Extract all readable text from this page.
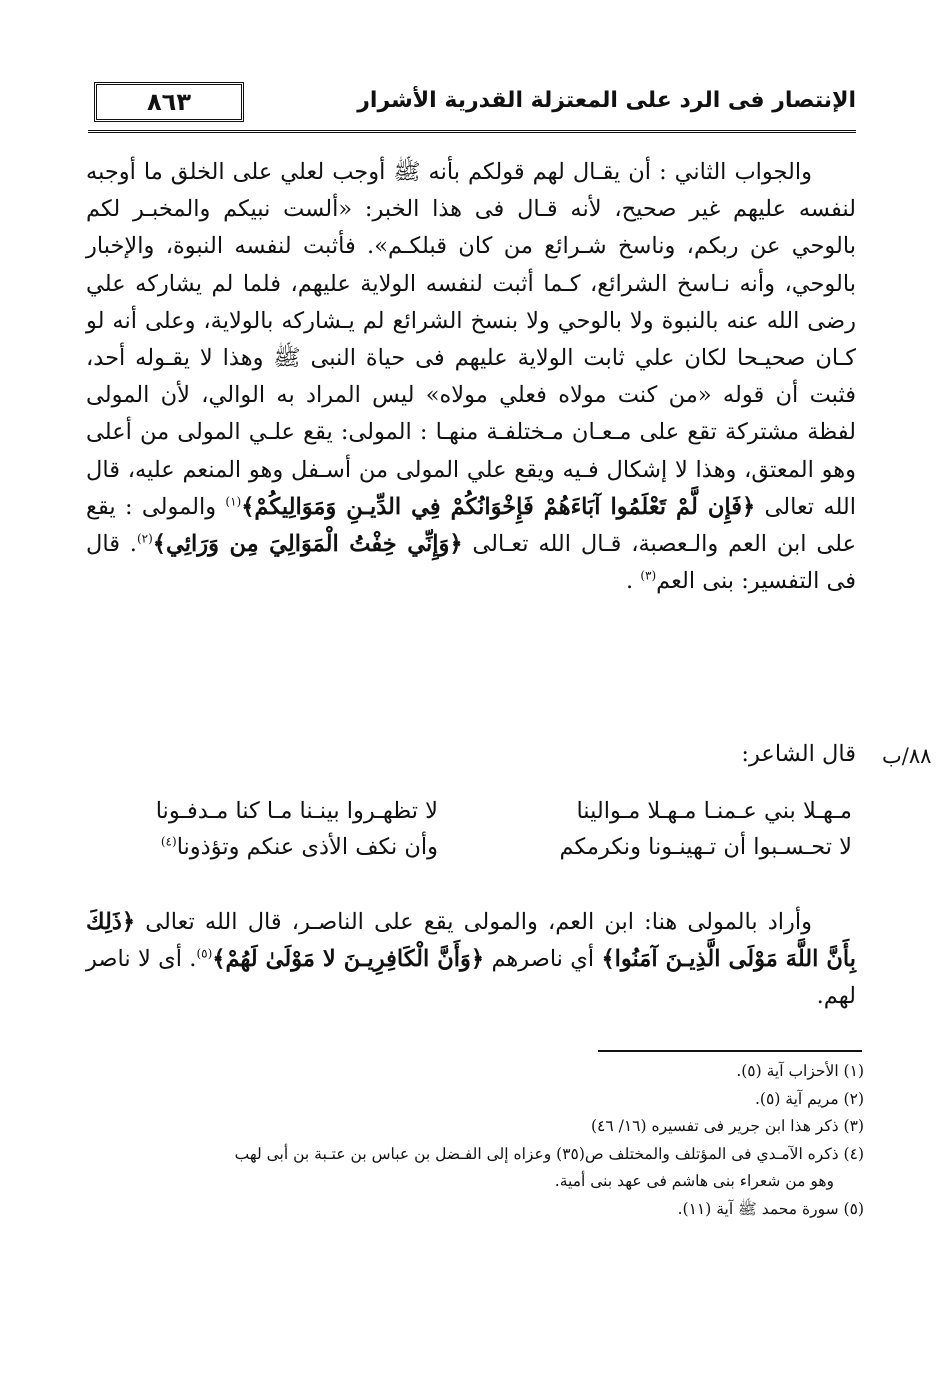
٨٦٣	الإنتصار فى الرد على المعتزلة القدرية الأشرار

والجواب الثاني : أن يقـال لهم قولكم بأنه ﷺ أوجب لعلي على الخلق ما أوجبه لنفسه عليهم غير صحيح، لأنه قـال فى هذا الخبر: «ألست نبيكم والمخبـر لكم بالوحي عن ربكم، وناسخ شـرائع من كان قبلكـم». فأثبت لنفسه النبوة، والإخبار بالوحي، وأنه نـاسخ الشرائع، كـما أثبت لنفسه الولاية عليهم، فلما لم يشاركه علي رضى الله عنه بالنبوة ولا بالوحي ولا بنسخ الشرائع لم يـشاركه بالولاية، وعلى أنه لو كـان صحيـحا لكان علي ثابت الولاية عليهم فى حياة النبى ﷺ وهذا لا يقـوله أحد، فثبت أن قوله «من كنت مولاه فعلي مولاه» ليس المراد به الوالي، لأن المولى لفظة مشتركة تقع على مـعـان مـختلفـة منهـا : المولى: يقع علـي المولى من أعلى وهو المعتق، وهذا لا إشكال فـيه ويقع علي المولى من أسـفل وهو المنعم عليه، قال الله تعالى ﴿فَإِن لَّمْ تَعْلَمُوا آبَاءَهُمْ فَإِخْوَانُكُمْ فِي الدِّيـنِ وَمَوَالِيكُمْ﴾$^{(١)}$ والمولى : يقع على ابن العم والـعصبة، قـال الله تعـالى ﴿وَإِنِّي خِفْتُ الْمَوَالِيَ مِن وَرَائِي﴾$^{(٢)}$. قال فى التفسير: بنى العم$^{(٣)}$ .

٨٨/ب
قال الشاعر:
مـهـلا بني عـمنـا مـهـلا مـوالينا
لا تظهـروا بينـنا مـا كنا مـدفـونا
لا تحـسـبوا أن تـهينـونا ونكرمكم
وأن نكف الأذى عنكم وتؤذونا$^{(٤)}$

وأراد بالمولى هنا: ابن العم، والمولى يقع على الناصـر، قال الله تعالى ﴿ذَلِكَ بِأَنَّ اللَّهَ مَوْلَى الَّذِيـنَ آمَنُوا﴾ أي ناصرهم ﴿وَأَنَّ الْكَافِرِيـنَ لا مَوْلَىٰ لَهُمْ﴾$^{(٥)}$. أى لا ناصر لهم.

(١) الأحزاب آية (٥).

(٢) مريم آية (٥).

(٣) ذكر هذا ابن جرير فى تفسيره (١٦/ ٤٦)

(٤) ذكره الآمـدي فى المؤتلف والمختلف ص(٣٥) وعزاه إلى الفـضل بن عباس بن عتـبة بن أبى لهب

وهو من شعراء بنى هاشم فى عهد بنى أمية.

(٥) سورة محمد ﷺ آية (١١).
